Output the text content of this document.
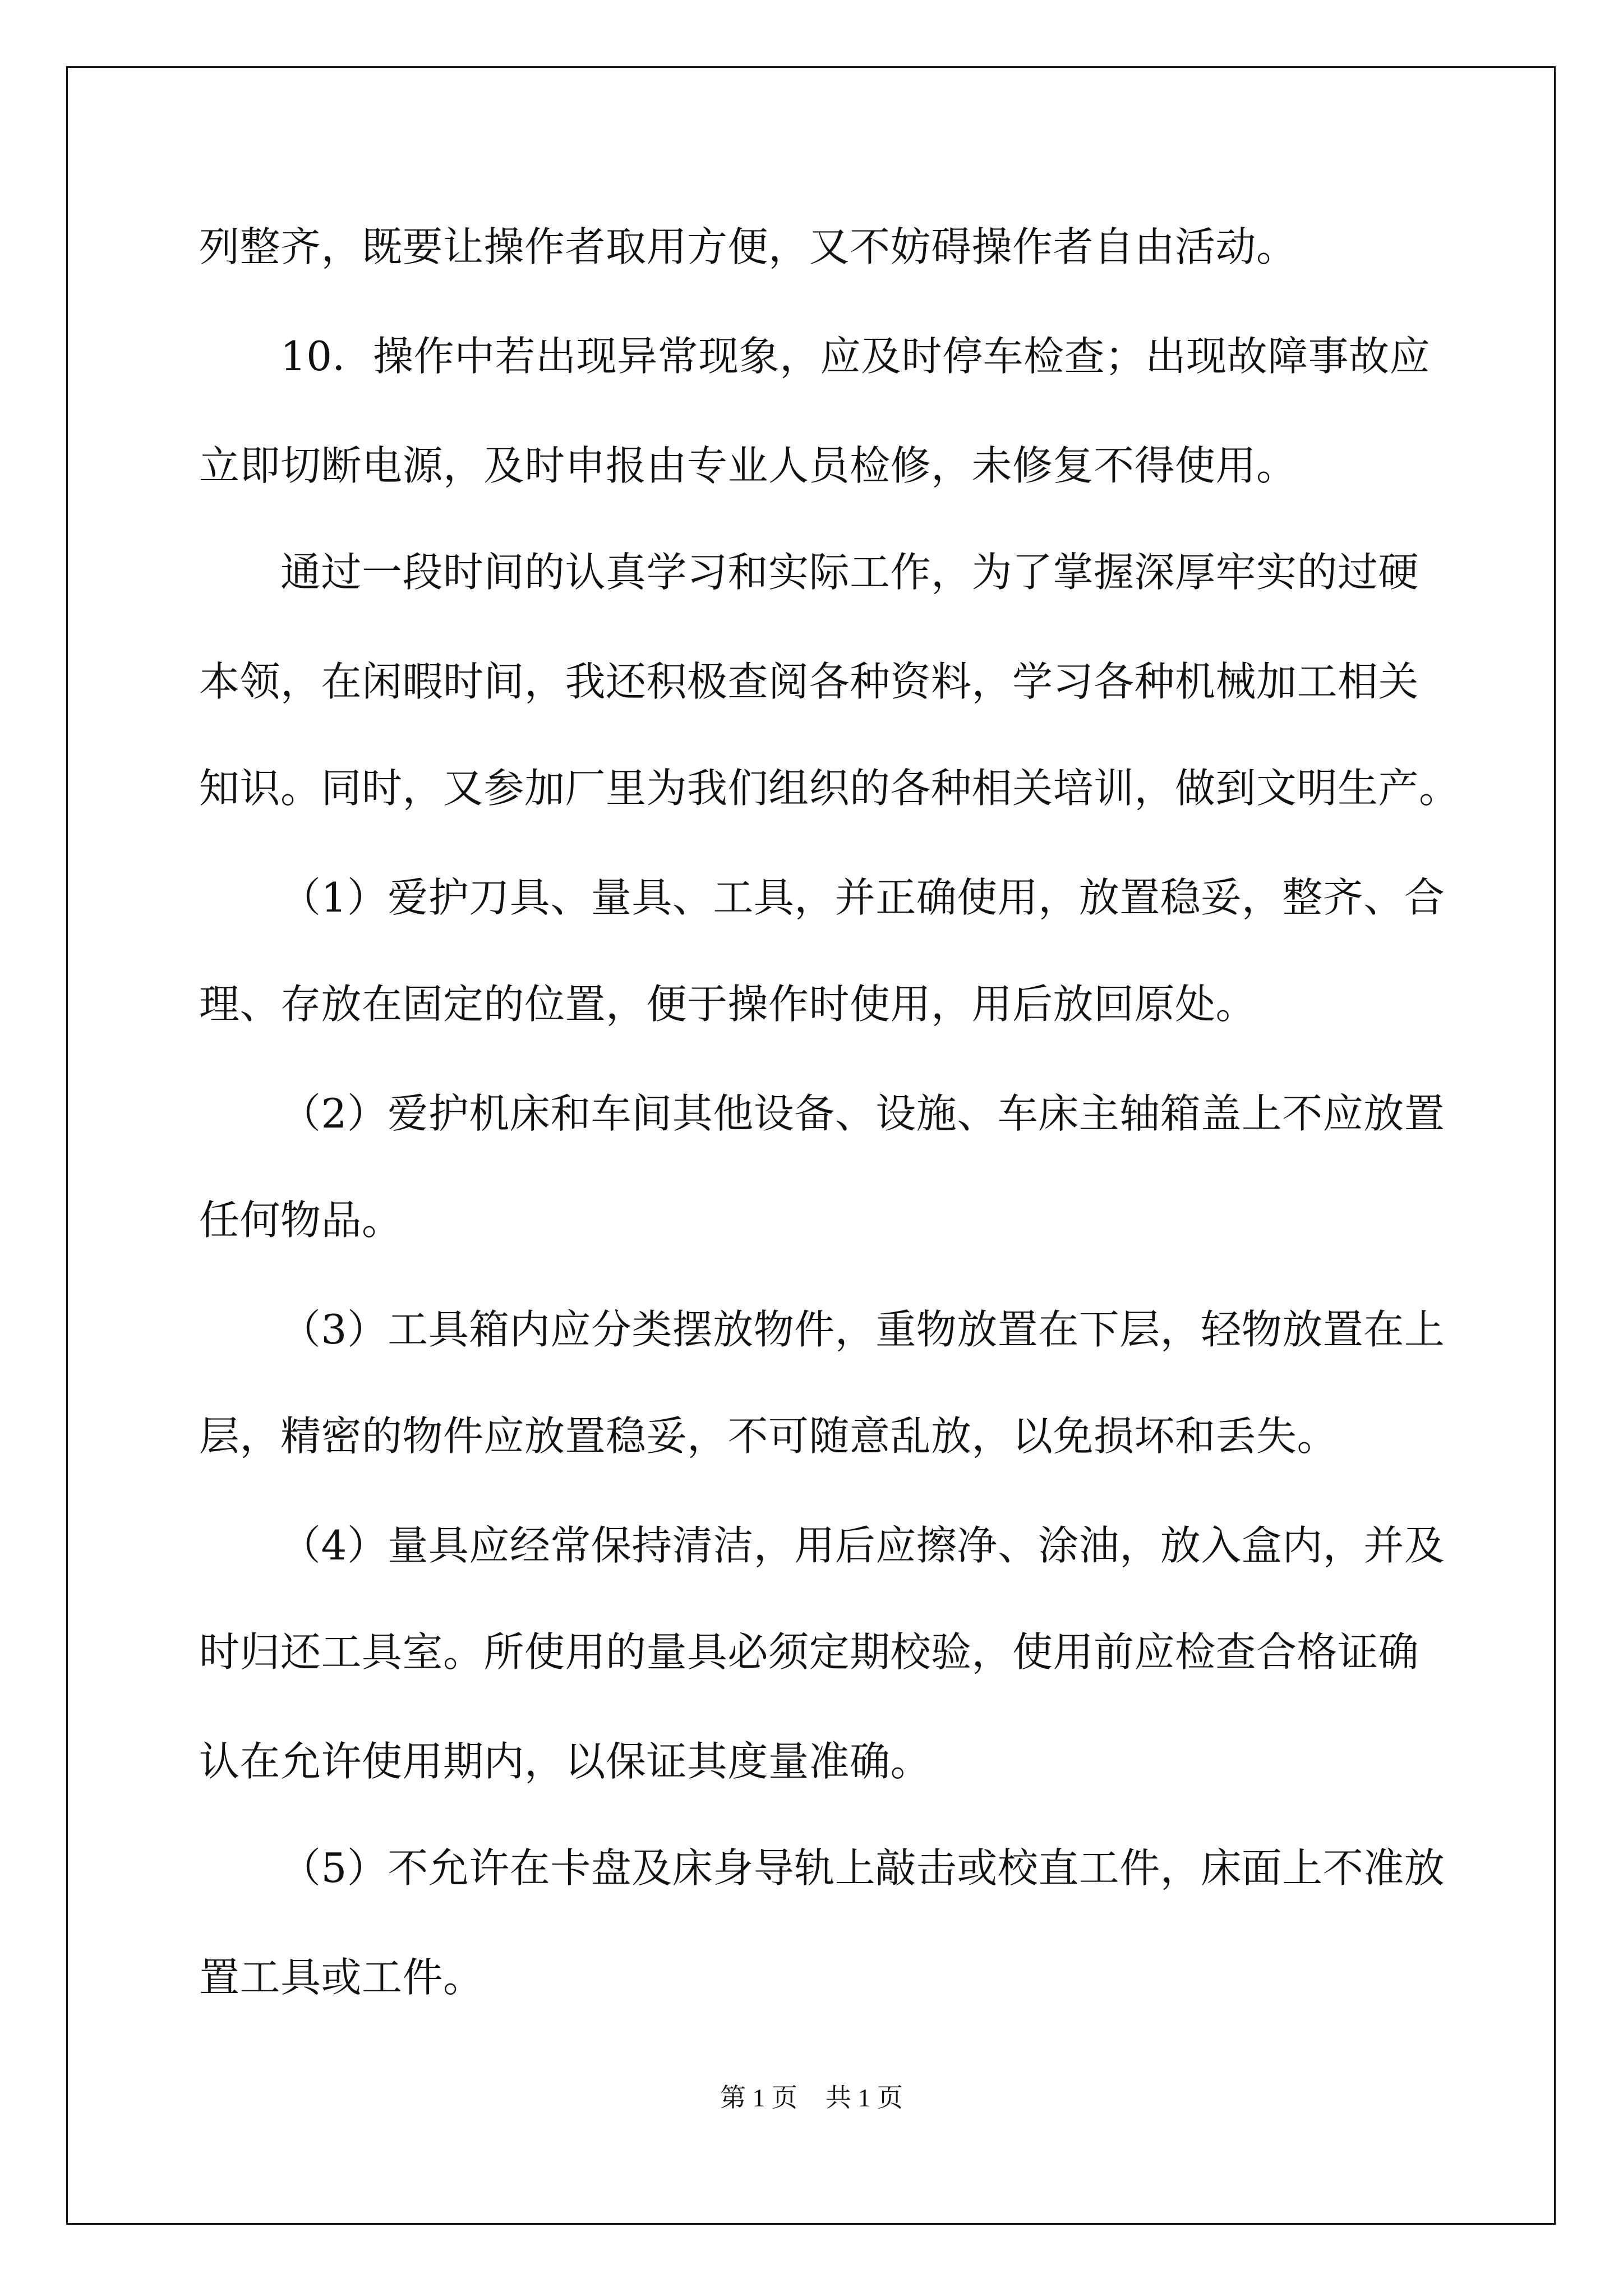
列整齐，既要让操作者取用方便，又不妨碍操作者自由活动。
10．操作中若出现异常现象，应及时停车检查；出现故障事故应
立即切断电源，及时申报由专业人员检修，未修复不得使用。
通过一段时间的认真学习和实际工作，为了掌握深厚牢实的过硬
本领，在闲暇时间，我还积极查阅各种资料，学习各种机械加工相关
知识。同时，又参加厂里为我们组织的各种相关培训，做到文明生产。
（1）爱护刀具、量具、工具，并正确使用，放置稳妥，整齐、合
理、存放在固定的位置，便于操作时使用，用后放回原处。
（2）爱护机床和车间其他设备、设施、车床主轴箱盖上不应放置
任何物品。
（3）工具箱内应分类摆放物件，重物放置在下层，轻物放置在上
层，精密的物件应放置稳妥，不可随意乱放，以免损坏和丢失。
（4）量具应经常保持清洁，用后应擦净、涂油，放入盒内，并及
时归还工具室。所使用的量具必须定期校验，使用前应检查合格证确
认在允许使用期内，以保证其度量准确。
（5）不允许在卡盘及床身导轨上敲击或校直工件，床面上不准放
置工具或工件。
第 1 页 共 1 页
